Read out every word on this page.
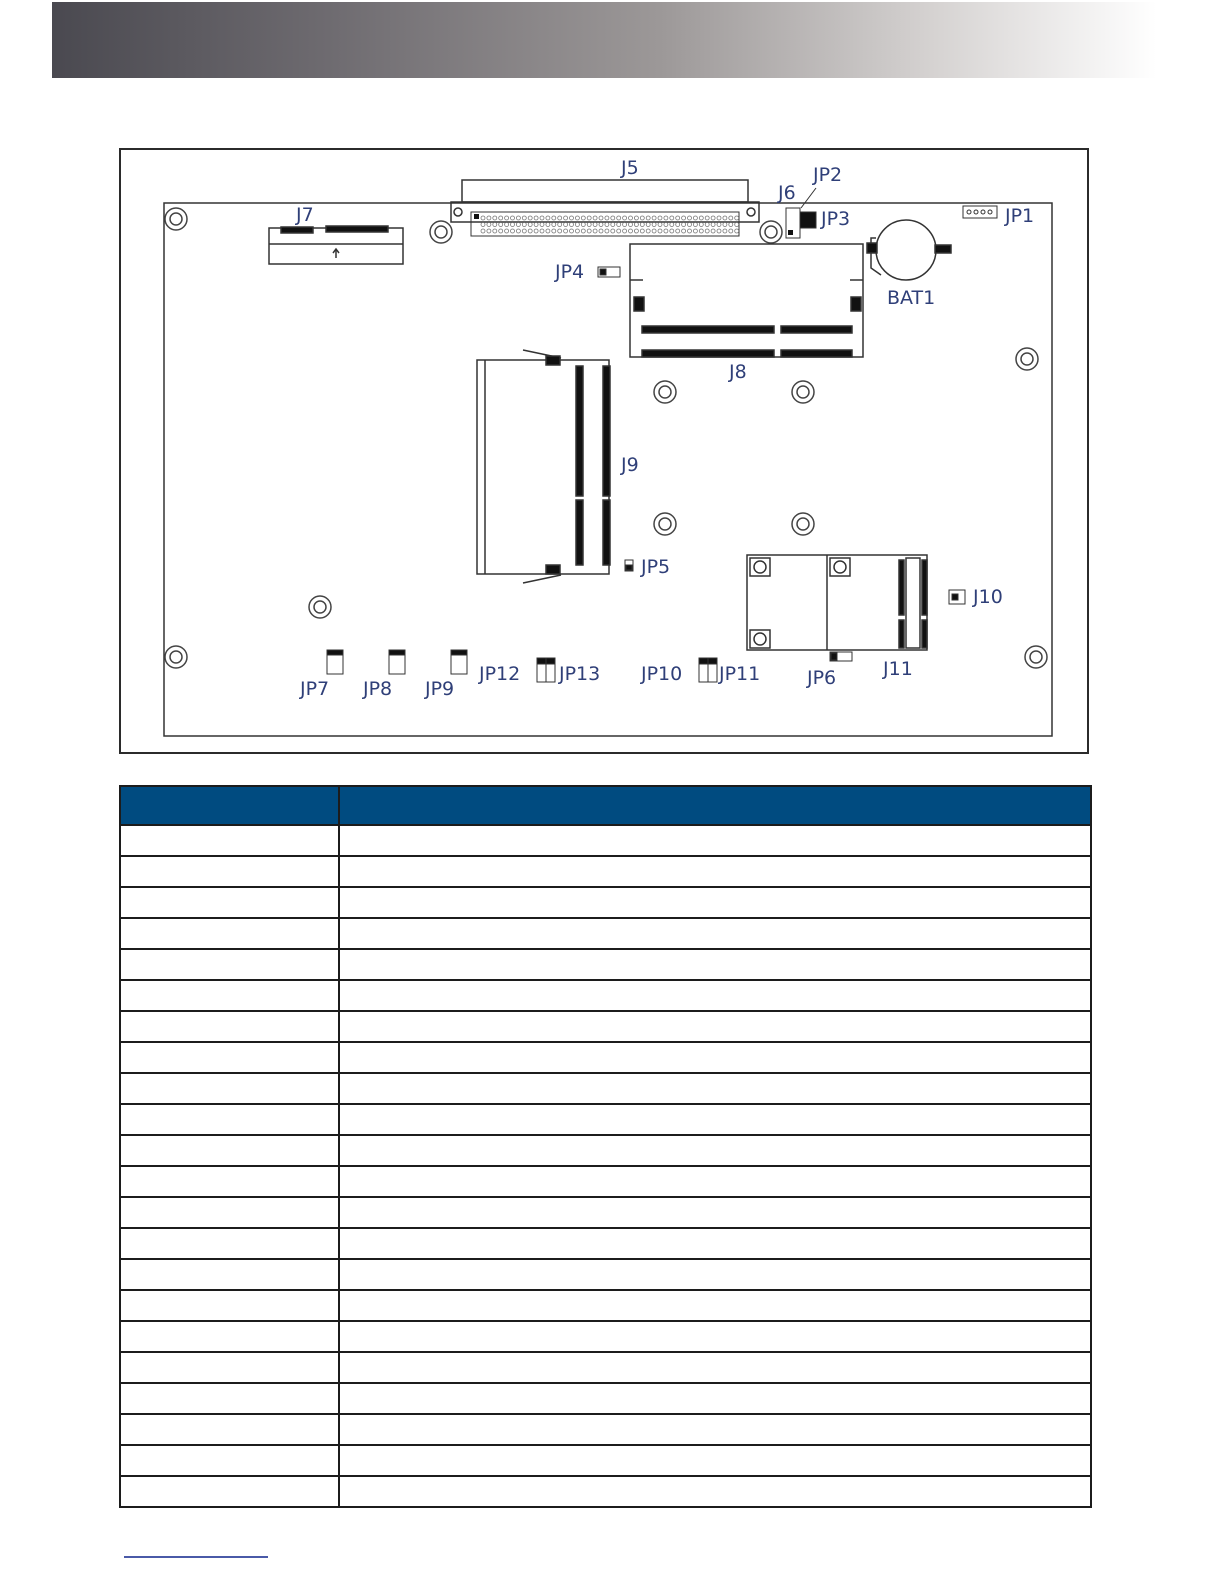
J5
J6
JP2
JP3	JP1
J7
BAT1
JP4
J8
J9
JP5
J10
J11
JP6
JP7 JP8 JP9
JP12 JP13 JP10 JP11
